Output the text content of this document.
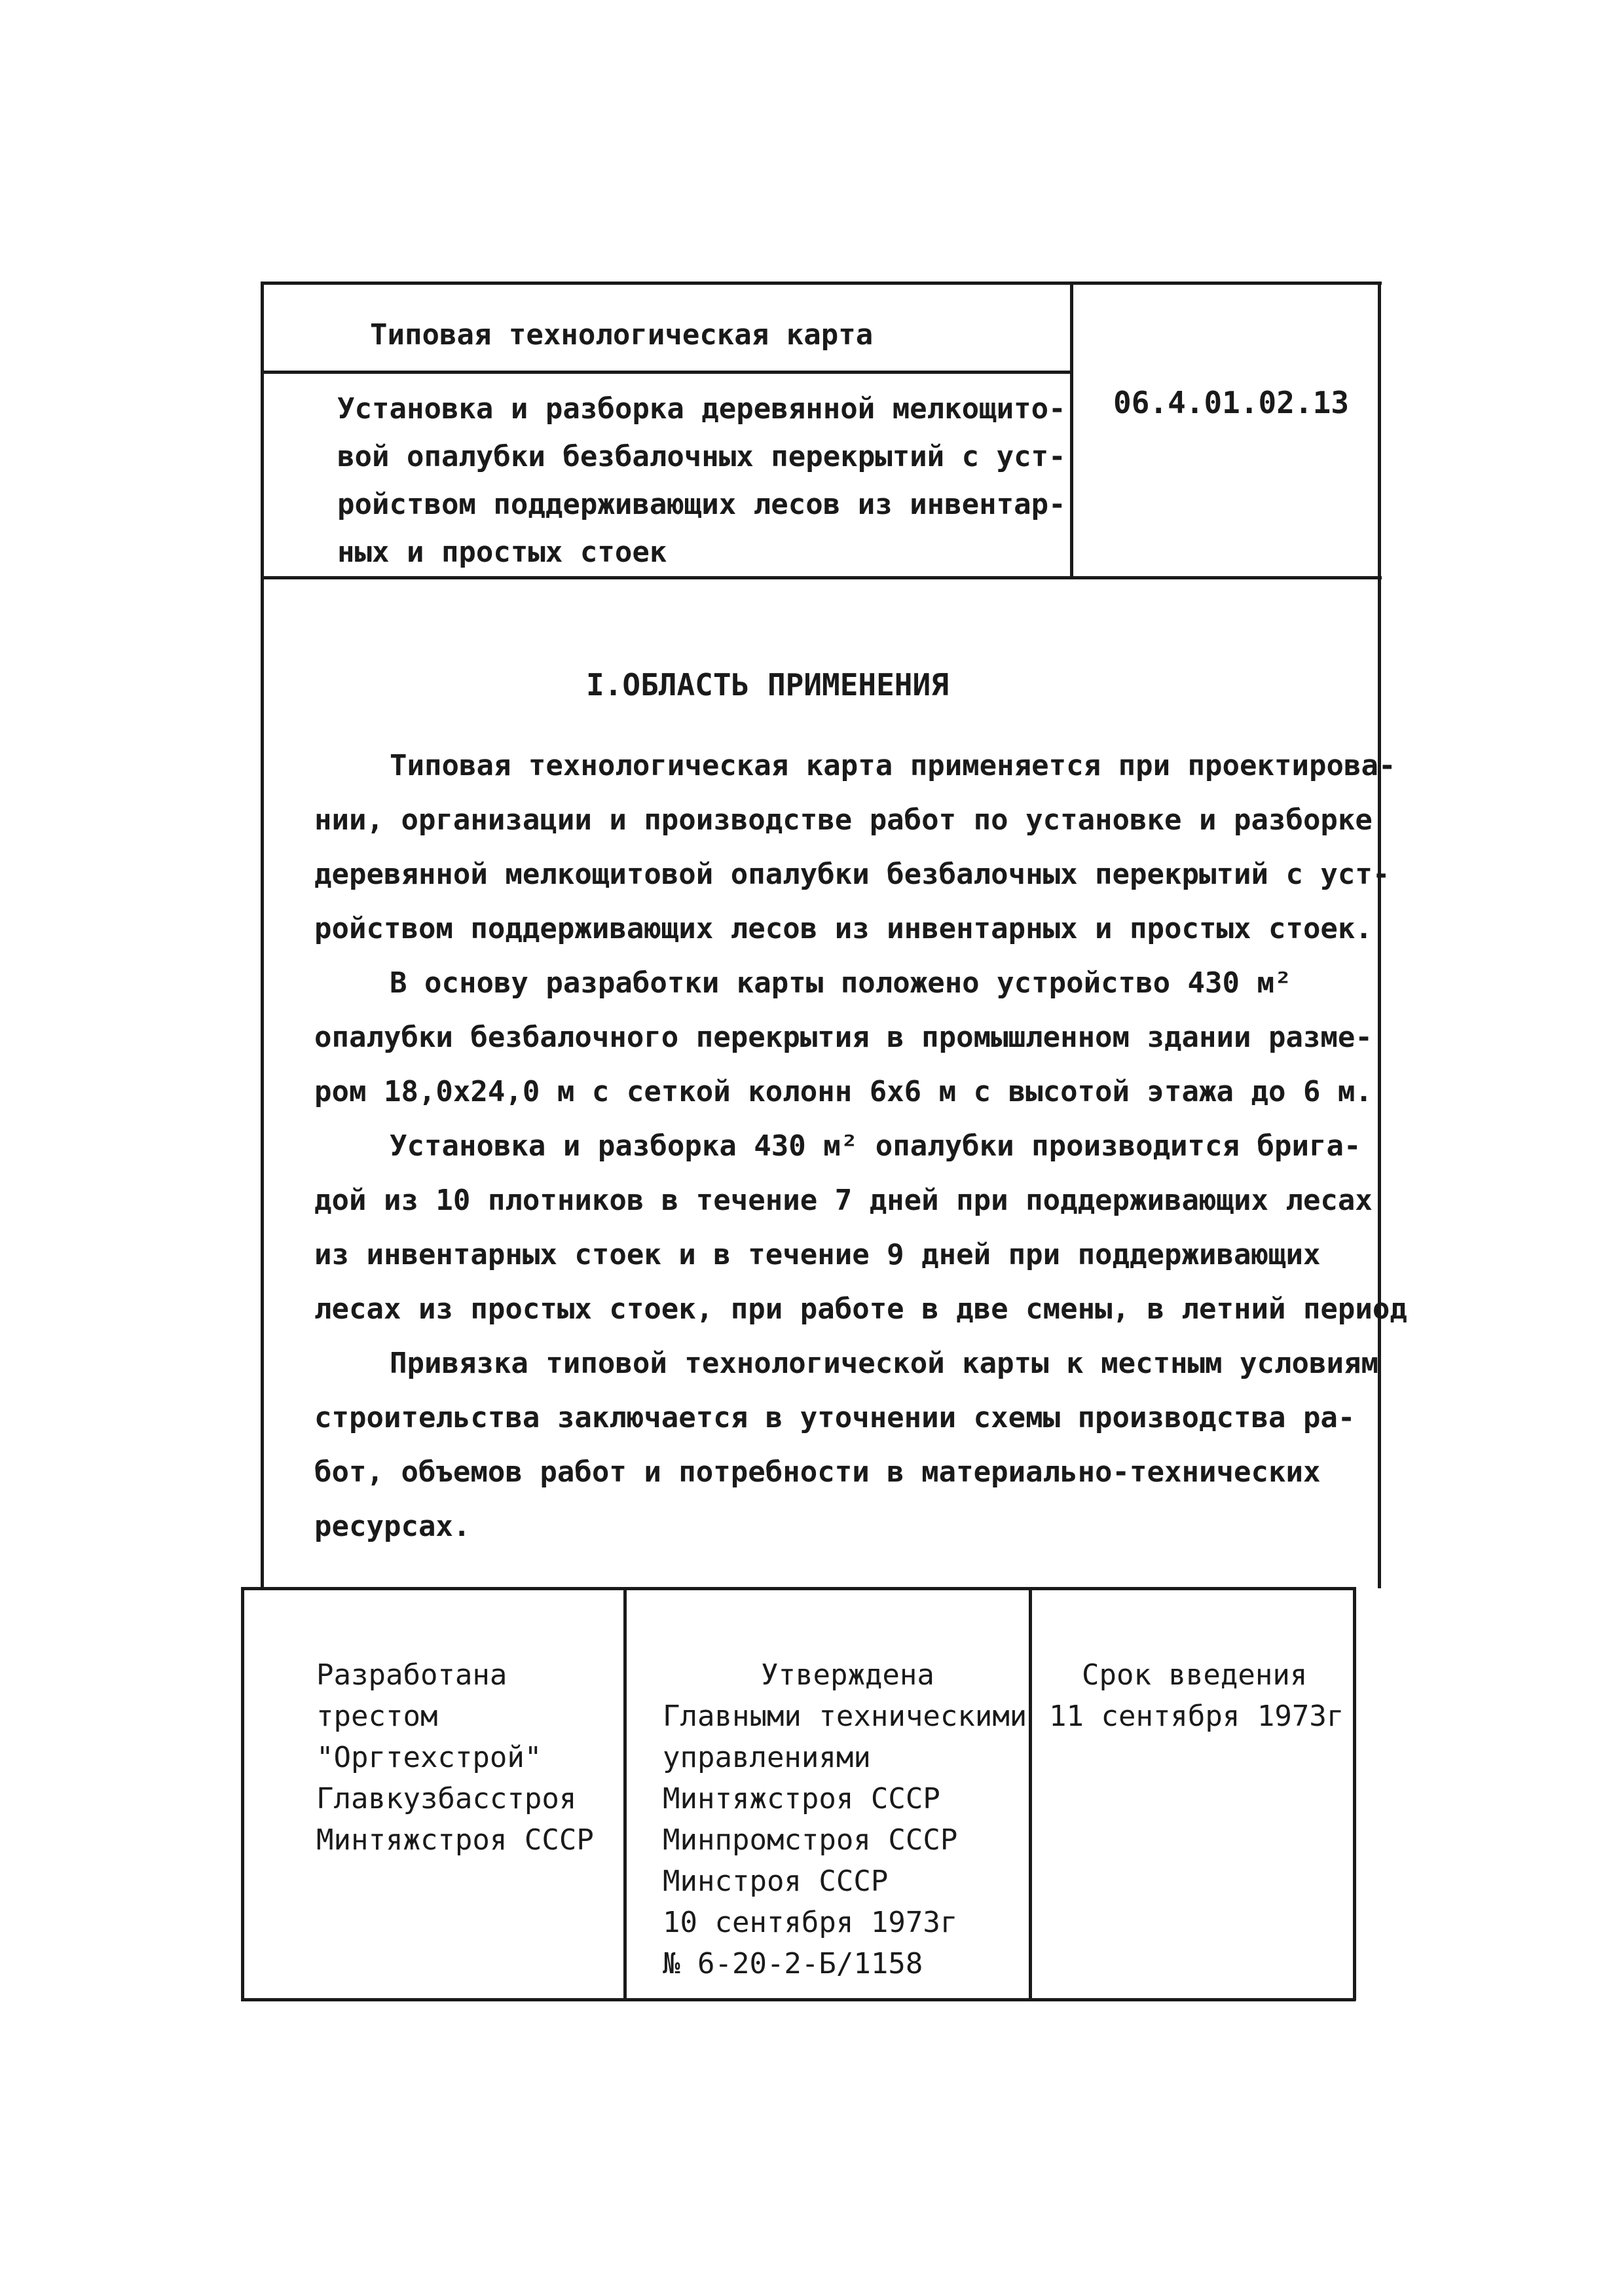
Типовая технологическая карта
Установка и разборка деревянной мелкощито-
вой опалубки безбалочных перекрытий с уст-
ройством поддерживающих лесов из инвентар-
ных и простых стоек
06.4.01.02.13
I.ОБЛАСТЬ ПРИМЕНЕНИЯ
Типовая технологическая карта применяется при проектирова-
нии, организации и производстве работ по установке и разборке
деревянной мелкощитовой опалубки безбалочных перекрытий с уст-
ройством поддерживающих лесов из инвентарных и простых стоек.
В основу разработки карты положено устройство 430 м²
опалубки безбалочного перекрытия в промышленном здании разме-
ром 18,0х24,0 м с сеткой колонн 6х6 м с высотой этажа до 6 м.
Установка и разборка 430 м² опалубки производится брига-
дой из 10 плотников в течение 7 дней при поддерживающих лесах
из инвентарных стоек и в течение 9 дней при поддерживающих
лесах из простых стоек, при работе в две смены, в летний период
Привязка типовой технологической карты к местным условиям
строительства заключается в уточнении схемы производства ра-
бот, объемов работ и потребности в материально-технических
ресурсах.
Разработана
трестом
"Оргтехстрой"
Главкузбасстроя
Минтяжстроя СССР
Утверждена
Главными техническими
управлениями
Минтяжстроя СССР
Минпромстроя СССР
Минстроя СССР
10 сентября 1973г
№ 6-20-2-Б/1158
Срок введения
11 сентября 1973г
